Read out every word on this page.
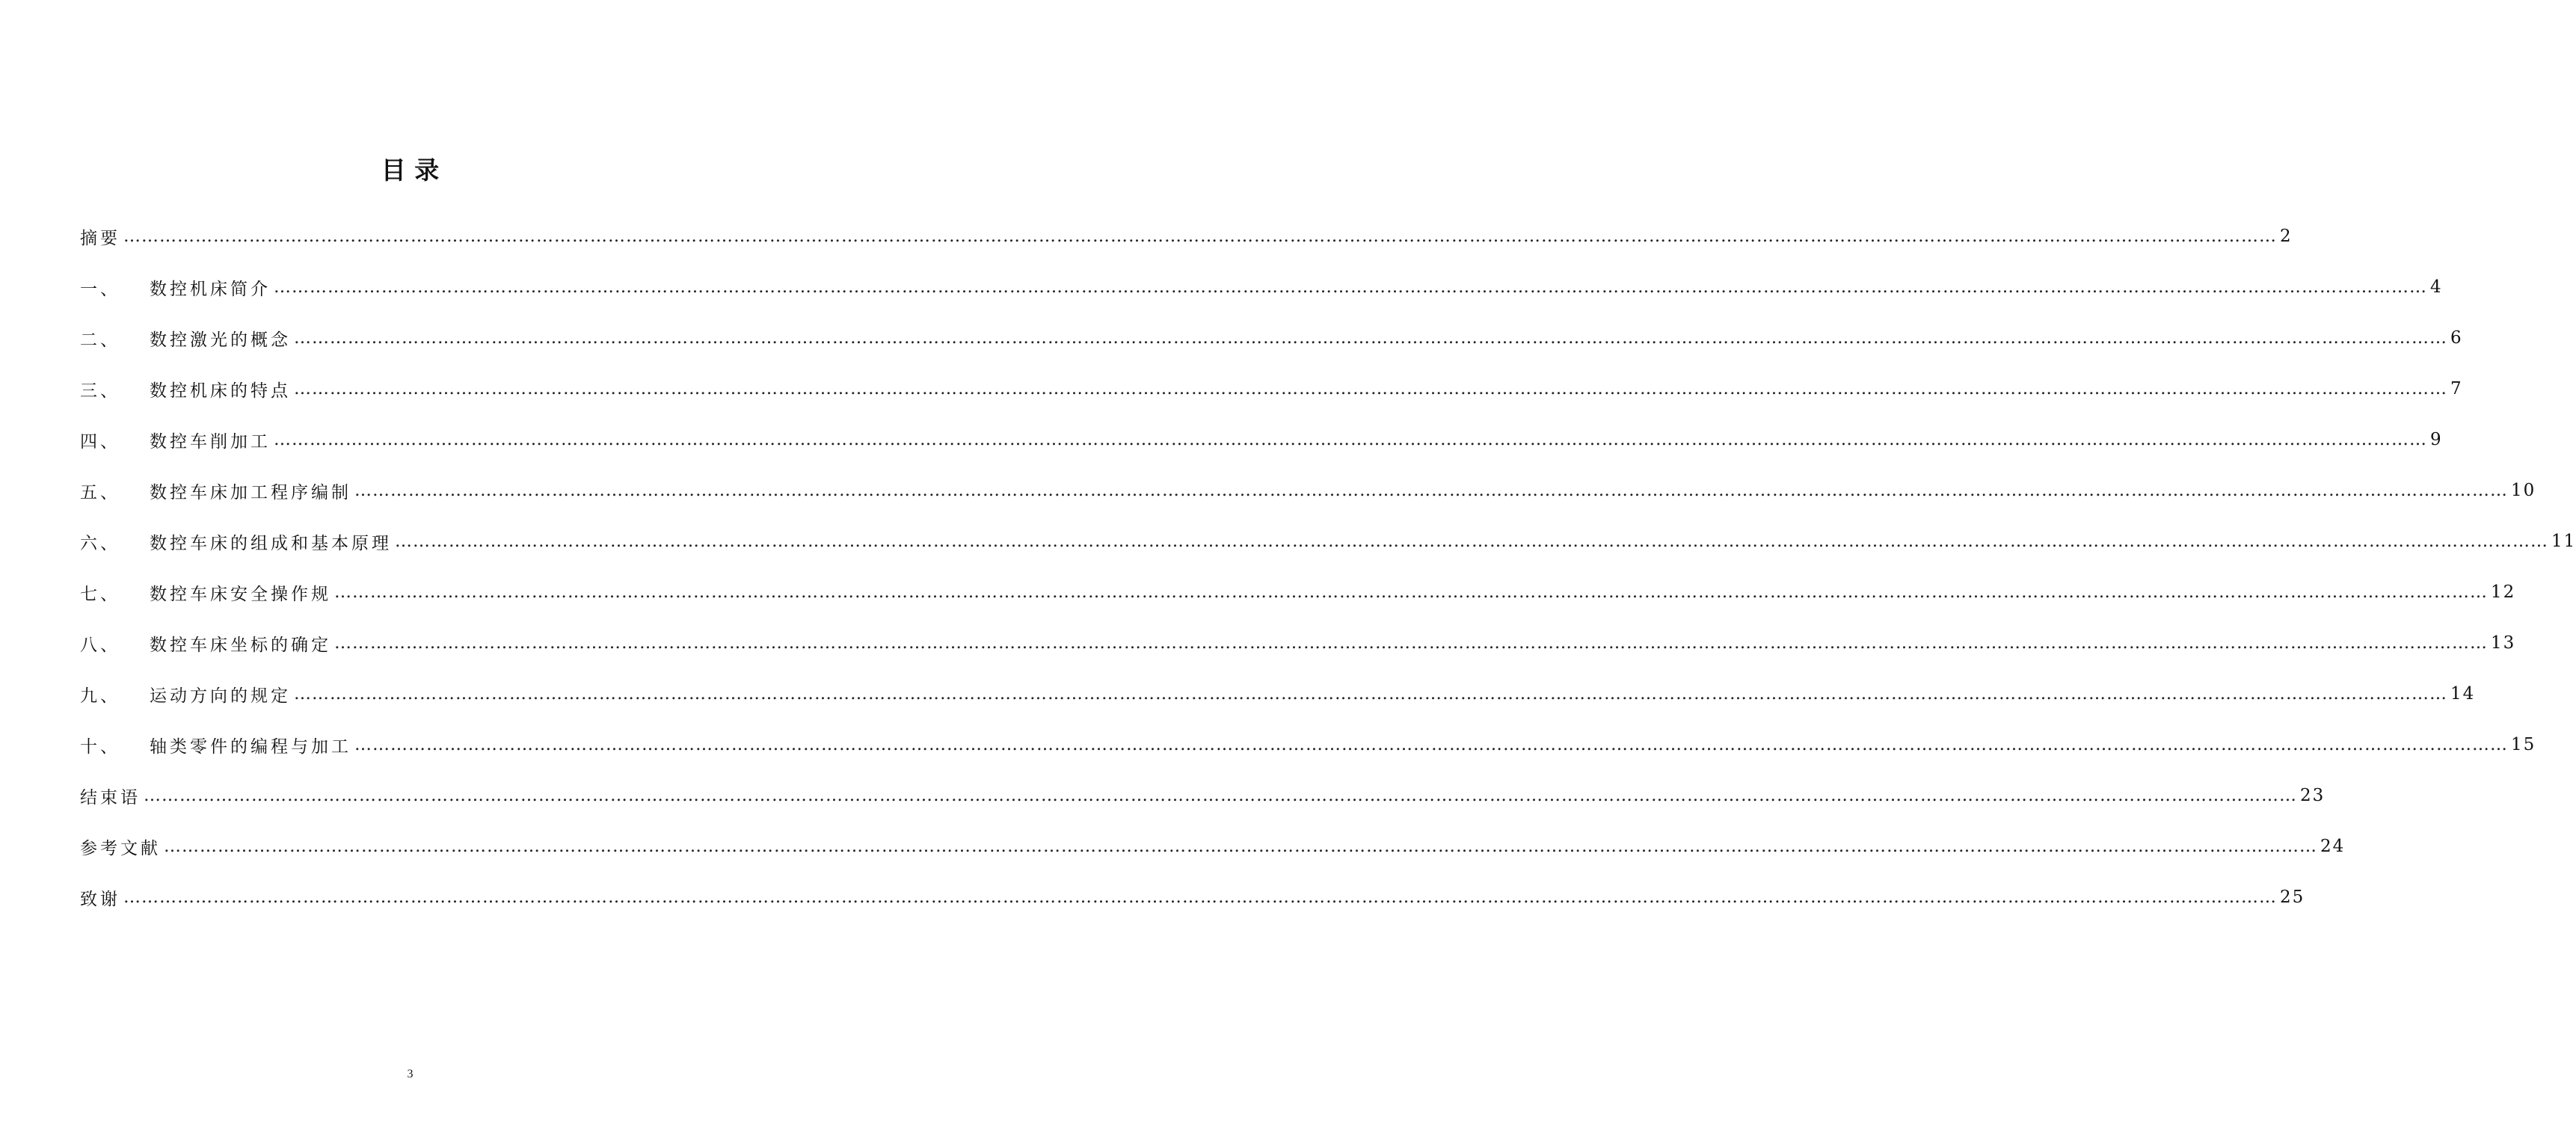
目 录
摘要 ……………………………………………………………………………………………………………………………………………………………………………………………………………………………………………………………………………………………………………………………… 2
一、	数控机床简介 ……………………………………………………………………………………………………………………………………………………………………………………………………………………………………………………………………………………………………………………………… 4
二、	数控激光的概念 ……………………………………………………………………………………………………………………………………………………………………………………………………………………………………………………………………………………………………………………………… 6
三、	数控机床的特点 ……………………………………………………………………………………………………………………………………………………………………………………………………………………………………………………………………………………………………………………………… 7
四、	数控车削加工 ……………………………………………………………………………………………………………………………………………………………………………………………………………………………………………………………………………………………………………………………… 9
五、	数控车床加工程序编制 ……………………………………………………………………………………………………………………………………………………………………………………………………………………………………………………………………………………………………………………………… 10
六、	数控车床的组成和基本原理 ……………………………………………………………………………………………………………………………………………………………………………………………………………………………………………………………………………………………………………………………… 11
七、	数控车床安全操作规 ……………………………………………………………………………………………………………………………………………………………………………………………………………………………………………………………………………………………………………………………… 12
八、	数控车床坐标的确定 ……………………………………………………………………………………………………………………………………………………………………………………………………………………………………………………………………………………………………………………………… 13
九、	运动方向的规定 ……………………………………………………………………………………………………………………………………………………………………………………………………………………………………………………………………………………………………………………………… 14
十、	轴类零件的编程与加工 ……………………………………………………………………………………………………………………………………………………………………………………………………………………………………………………………………………………………………………………………… 15
结束语 ……………………………………………………………………………………………………………………………………………………………………………………………………………………………………………………………………………………………………………………………… 23
参考文献 ……………………………………………………………………………………………………………………………………………………………………………………………………………………………………………………………………………………………………………………………… 24
致谢 ……………………………………………………………………………………………………………………………………………………………………………………………………………………………………………………………………………………………………………………………… 25
3
